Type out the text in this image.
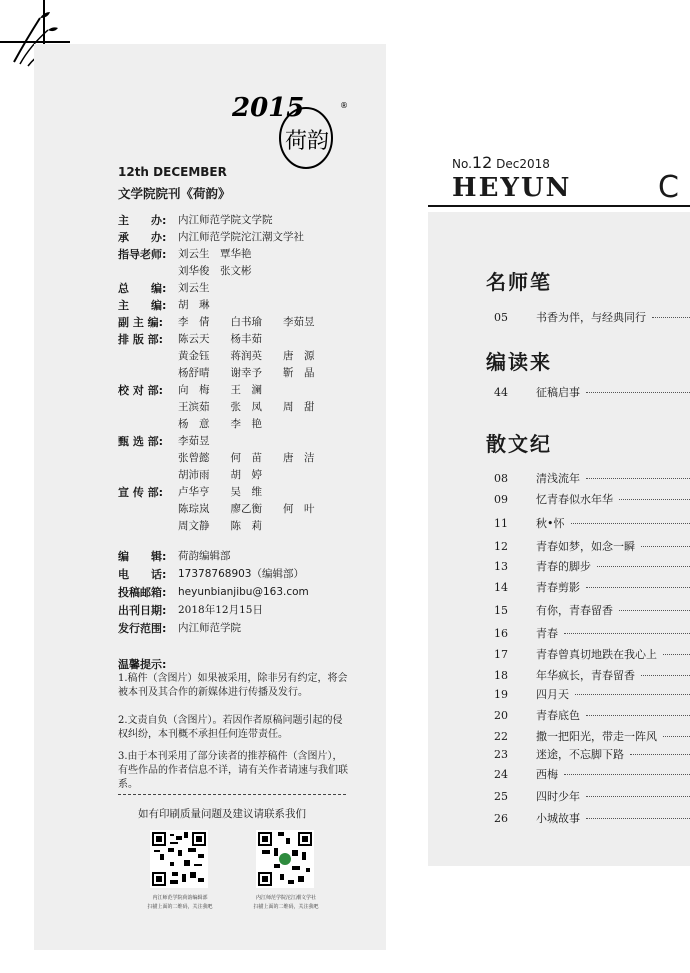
2015
荷韵
®
12th DECEMBER
文学院院刊《荷韵》
主　　办: 内江师范学院文学院
承　　办: 内江师范学院沱江潮文学社
指导老师: 刘云生　覃华艳
刘华俊　张文彬
总　　编: 刘云生
主　　编: 胡　琳
副 主 编: 李　倩　　白书瑜　　李茹昱
排 版 部: 陈云天　　杨丰茹
黄金钰　　蒋润英　　唐　源
杨舒晴　　谢幸予　　靳　晶
校 对 部: 向　梅　　王　澜
王滨茹　　张　凤　　周　甜
杨　意　　李　艳
甄 选 部: 李茹昱
张曾懿　　何　苗　　唐　洁
胡沛雨　　胡　婷
宣 传 部: 卢华亨　　吴　维
陈琮岚　　廖乙衡　　何　叶
周文静　　陈　莉
编　　辑: 荷韵编辑部
电　　话: 17378768903（编辑部）
投稿邮箱: heyunbianjibu@163.com
出刊日期: 2018年12月15日
发行范围: 内江师范学院
温馨提示:
1.稿件（含图片）如果被采用，除非另有约定，将会被本刊及其合作的新媒体进行传播及发行。
2.文责自负（含图片）。若因作者原稿问题引起的侵权纠纷，本刊概不承担任何连带责任。
3.由于本刊采用了部分读者的推荐稿件（含图片），有些作品的作者信息不详，请有关作者请速与我们联系。
如有印刷质量问题及建议请联系我们
内江师范学院荷韵编辑部
扫描上面的二维码，关注我吧
内江师范学院沱江潮文学社
扫描上面的二维码，关注我吧
No.12 Dec2018
HEYUN	C
名师笔
05	书香为伴，与经典同行
编读来
44	征稿启事
散文纪
08	清浅流年
09	忆青春似水年华
11	秋•怀
12	青春如梦，如念一瞬
13	青春的脚步
14	青春剪影
15	有你，青春留香
16	青春
17	青春曾真切地跌在我心上
18	年华疯长，青春留香
19	四月天
20	青春底色
22	撒一把阳光，带走一阵风
23	迷途，不忘脚下路
24	西梅
25	四时少年
26	小城故事
